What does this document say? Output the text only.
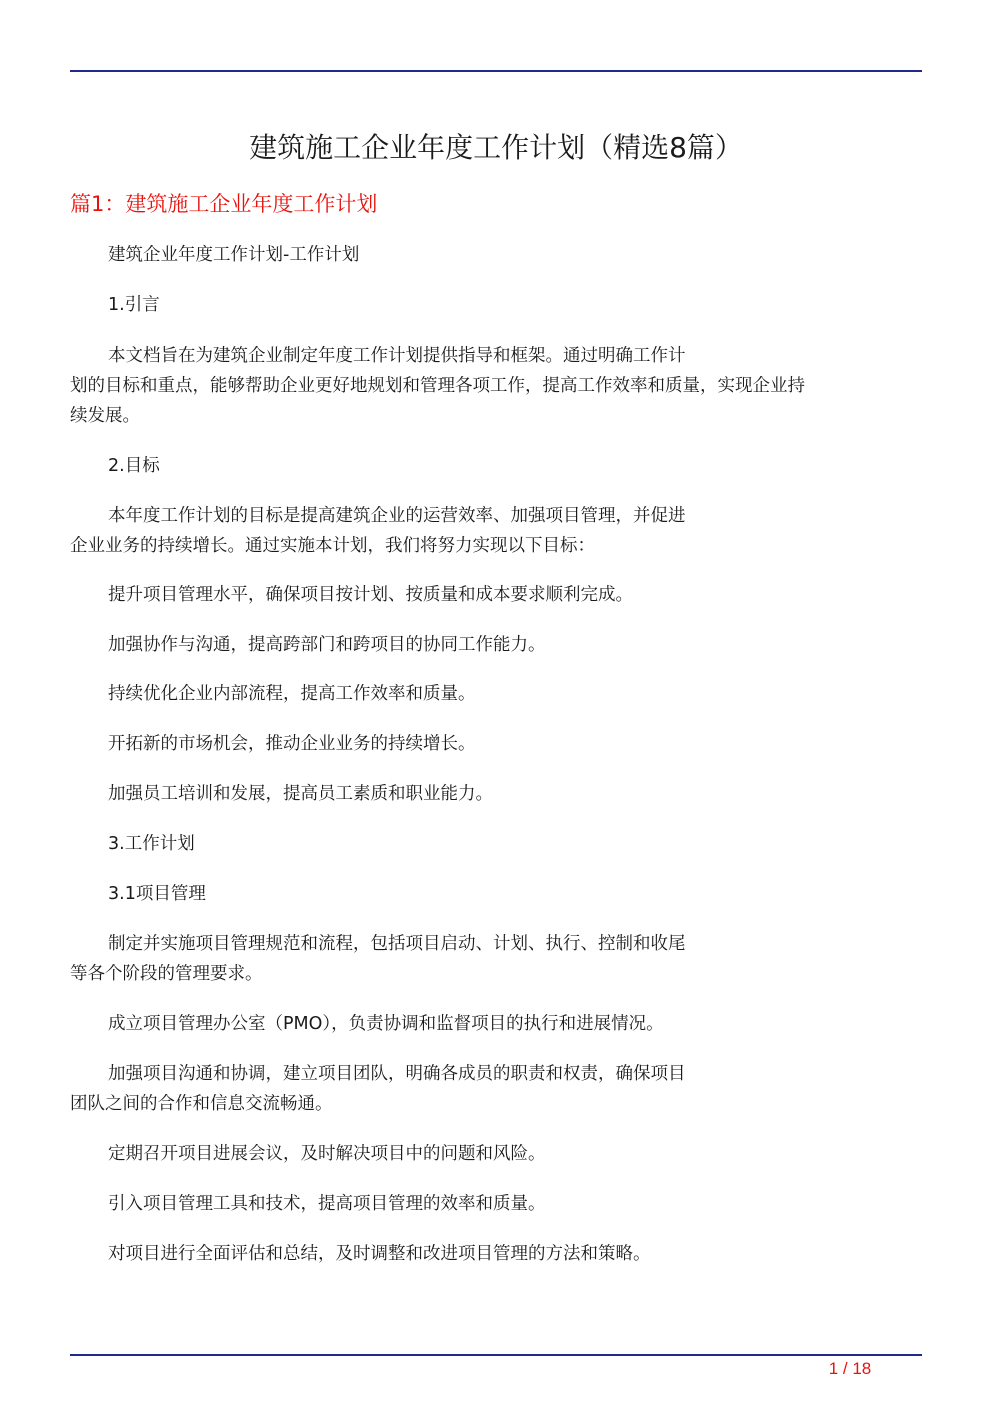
建筑施工企业年度工作计划（精选8篇）
篇1：建筑施工企业年度工作计划
建筑企业年度工作计划-工作计划
1.引言
本文档旨在为建筑企业制定年度工作计划提供指导和框架。通过明确工作计
划的目标和重点，能够帮助企业更好地规划和管理各项工作，提高工作效率和质量，实现企业持
续发展。
2.目标
本年度工作计划的目标是提高建筑企业的运营效率、加强项目管理，并促进
企业业务的持续增长。通过实施本计划，我们将努力实现以下目标：
提升项目管理水平，确保项目按计划、按质量和成本要求顺利完成。
加强协作与沟通，提高跨部门和跨项目的协同工作能力。
持续优化企业内部流程，提高工作效率和质量。
开拓新的市场机会，推动企业业务的持续增长。
加强员工培训和发展，提高员工素质和职业能力。
3.工作计划
3.1项目管理
制定并实施项目管理规范和流程，包括项目启动、计划、执行、控制和收尾
等各个阶段的管理要求。
成立项目管理办公室（PMO），负责协调和监督项目的执行和进展情况。
加强项目沟通和协调，建立项目团队，明确各成员的职责和权责，确保项目
团队之间的合作和信息交流畅通。
定期召开项目进展会议，及时解决项目中的问题和风险。
引入项目管理工具和技术，提高项目管理的效率和质量。
对项目进行全面评估和总结，及时调整和改进项目管理的方法和策略。
1 / 18
